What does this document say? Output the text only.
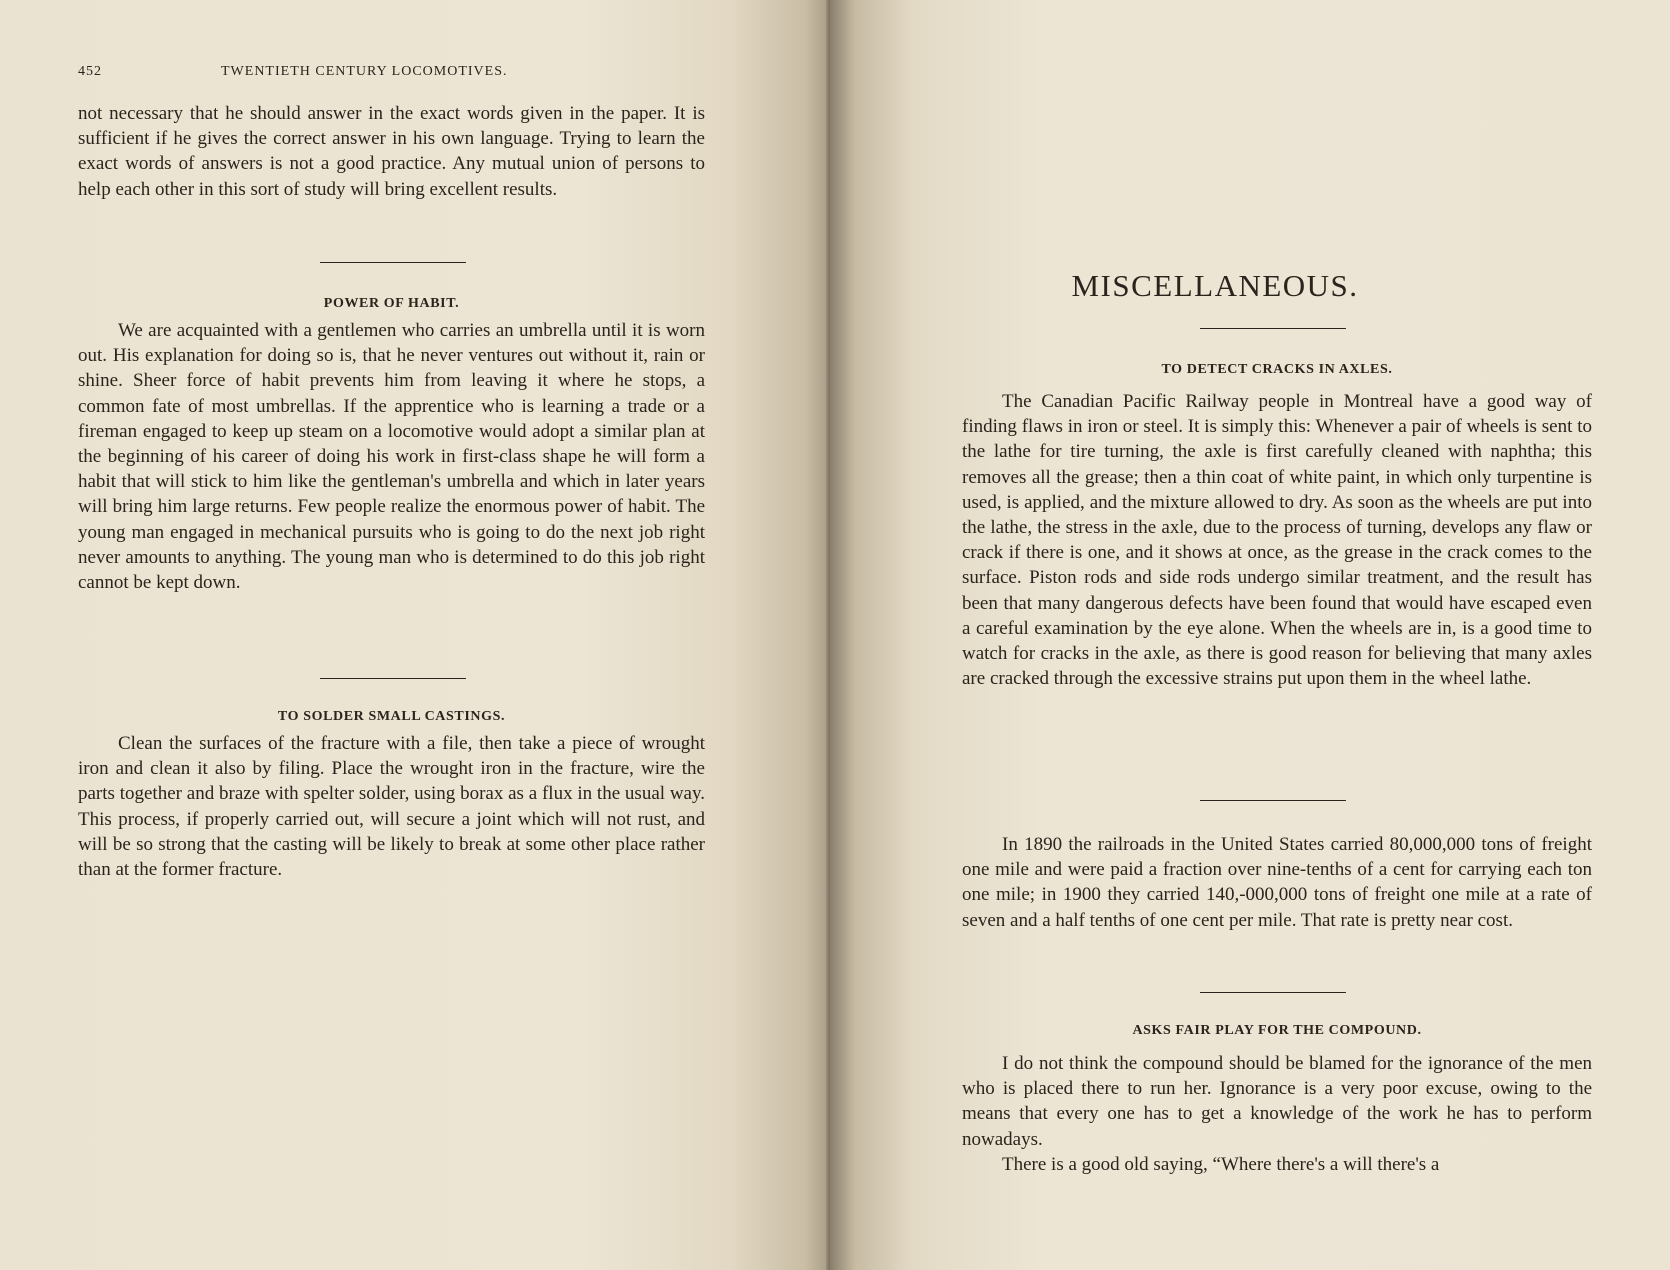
452	TWENTIETH CENTURY LOCOMOTIVES.

not necessary that he should answer in the exact words given in the paper. It is sufficient if he gives the correct answer in his own language. Trying to learn the exact words of answers is not a good practice. Any mutual union of persons to help each other in this sort of study will bring excellent results.

POWER OF HABIT.

We are acquainted with a gentlemen who carries an umbrella until it is worn out. His explanation for doing so is, that he never ventures out without it, rain or shine. Sheer force of habit prevents him from leaving it where he stops, a common fate of most umbrellas. If the apprentice who is learning a trade or a fireman engaged to keep up steam on a locomotive would adopt a similar plan at the beginning of his career of doing his work in first-class shape he will form a habit that will stick to him like the gentleman's umbrella and which in later years will bring him large returns. Few people realize the enormous power of habit. The young man engaged in mechanical pursuits who is going to do the next job right never amounts to anything. The young man who is determined to do this job right cannot be kept down.

TO SOLDER SMALL CASTINGS.

Clean the surfaces of the fracture with a file, then take a piece of wrought iron and clean it also by filing. Place the wrought iron in the fracture, wire the parts together and braze with spelter solder, using borax as a flux in the usual way. This process, if properly carried out, will secure a joint which will not rust, and will be so strong that the casting will be likely to break at some other place rather than at the former fracture.

MISCELLANEOUS.
TO DETECT CRACKS IN AXLES.

The Canadian Pacific Railway people in Montreal have a good way of finding flaws in iron or steel. It is simply this: Whenever a pair of wheels is sent to the lathe for tire turning, the axle is first carefully cleaned with naphtha; this removes all the grease; then a thin coat of white paint, in which only turpentine is used, is applied, and the mixture allowed to dry. As soon as the wheels are put into the lathe, the stress in the axle, due to the process of turning, develops any flaw or crack if there is one, and it shows at once, as the grease in the crack comes to the surface. Piston rods and side rods undergo similar treatment, and the result has been that many dangerous defects have been found that would have escaped even a careful examination by the eye alone. When the wheels are in, is a good time to watch for cracks in the axle, as there is good reason for believing that many axles are cracked through the excessive strains put upon them in the wheel lathe.

In 1890 the railroads in the United States carried 80,000,000 tons of freight one mile and were paid a fraction over nine-tenths of a cent for carrying each ton one mile; in 1900 they carried 140,-000,000 tons of freight one mile at a rate of seven and a half tenths of one cent per mile. That rate is pretty near cost.

ASKS FAIR PLAY FOR THE COMPOUND.

I do not think the compound should be blamed for the ignorance of the men who is placed there to run her. Ignorance is a very poor excuse, owing to the means that every one has to get a knowledge of the work he has to perform nowadays.

There is a good old saying, “Where there's a will there's a
